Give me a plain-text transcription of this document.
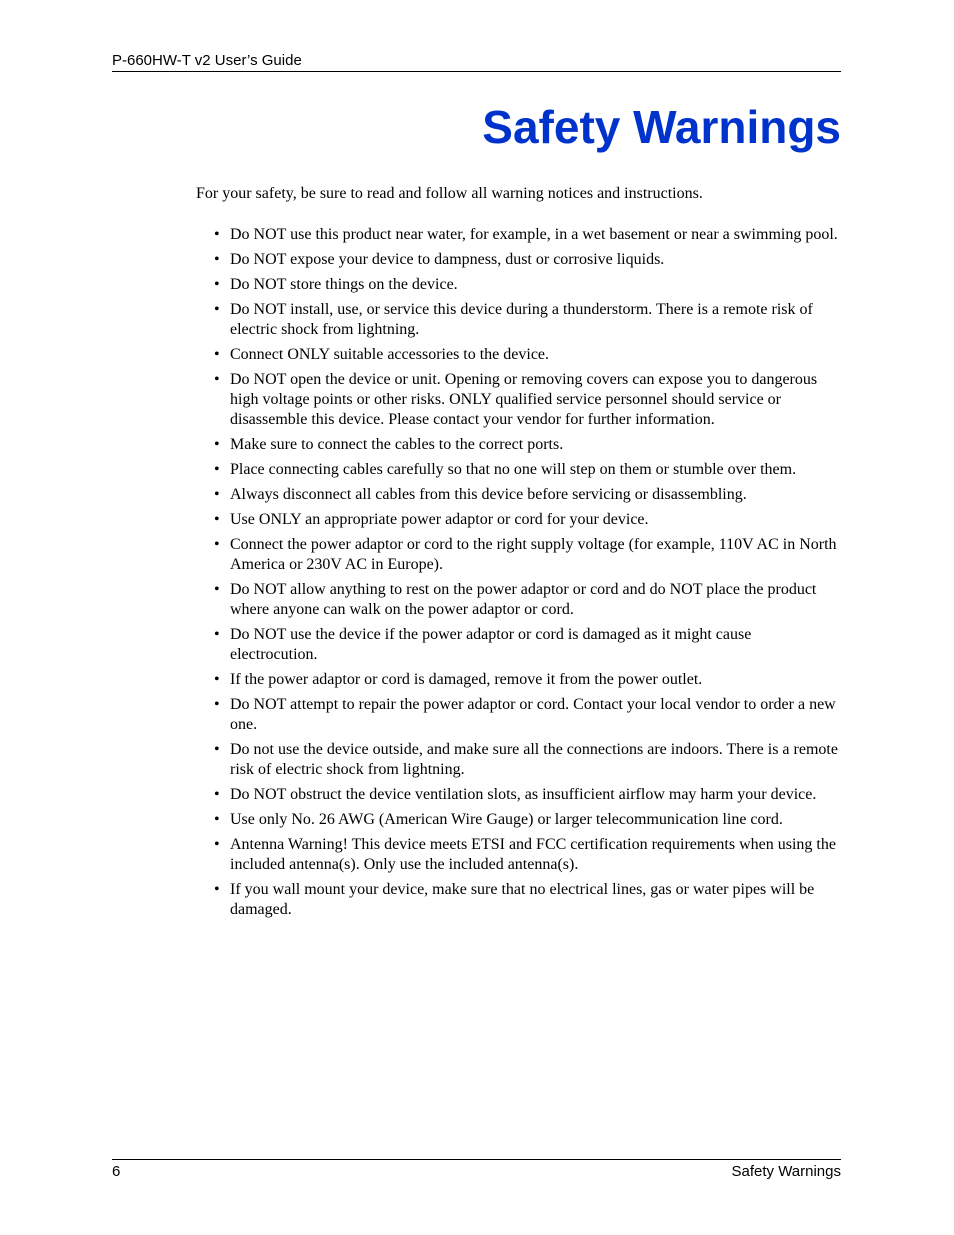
P-660HW-T v2 User’s Guide
Safety Warnings

For your safety, be sure to read and follow all warning notices and instructions.

• Do NOT use this product near water, for example, in a wet basement or near a swimming pool.
• Do NOT expose your device to dampness, dust or corrosive liquids.
• Do NOT store things on the device.
• Do NOT install, use, or service this device during a thunderstorm. There is a remote risk of electric shock from lightning.
• Connect ONLY suitable accessories to the device.
• Do NOT open the device or unit. Opening or removing covers can expose you to dangerous high voltage points or other risks. ONLY qualified service personnel should service or disassemble this device. Please contact your vendor for further information.
• Make sure to connect the cables to the correct ports.
• Place connecting cables carefully so that no one will step on them or stumble over them.
• Always disconnect all cables from this device before servicing or disassembling.
• Use ONLY an appropriate power adaptor or cord for your device.
• Connect the power adaptor or cord to the right supply voltage (for example, 110V AC in North America or 230V AC in Europe).
• Do NOT allow anything to rest on the power adaptor or cord and do NOT place the product where anyone can walk on the power adaptor or cord.
• Do NOT use the device if the power adaptor or cord is damaged as it might cause electrocution.
• If the power adaptor or cord is damaged, remove it from the power outlet.
• Do NOT attempt to repair the power adaptor or cord. Contact your local vendor to order a new one.
• Do not use the device outside, and make sure all the connections are indoors. There is a remote risk of electric shock from lightning.
• Do NOT obstruct the device ventilation slots, as insufficient airflow may harm your device.
• Use only No. 26 AWG (American Wire Gauge) or larger telecommunication line cord.
• Antenna Warning! This device meets ETSI and FCC certification requirements when using the included antenna(s). Only use the included antenna(s).
• If you wall mount your device, make sure that no electrical lines, gas or water pipes will be damaged.
6	Safety Warnings
